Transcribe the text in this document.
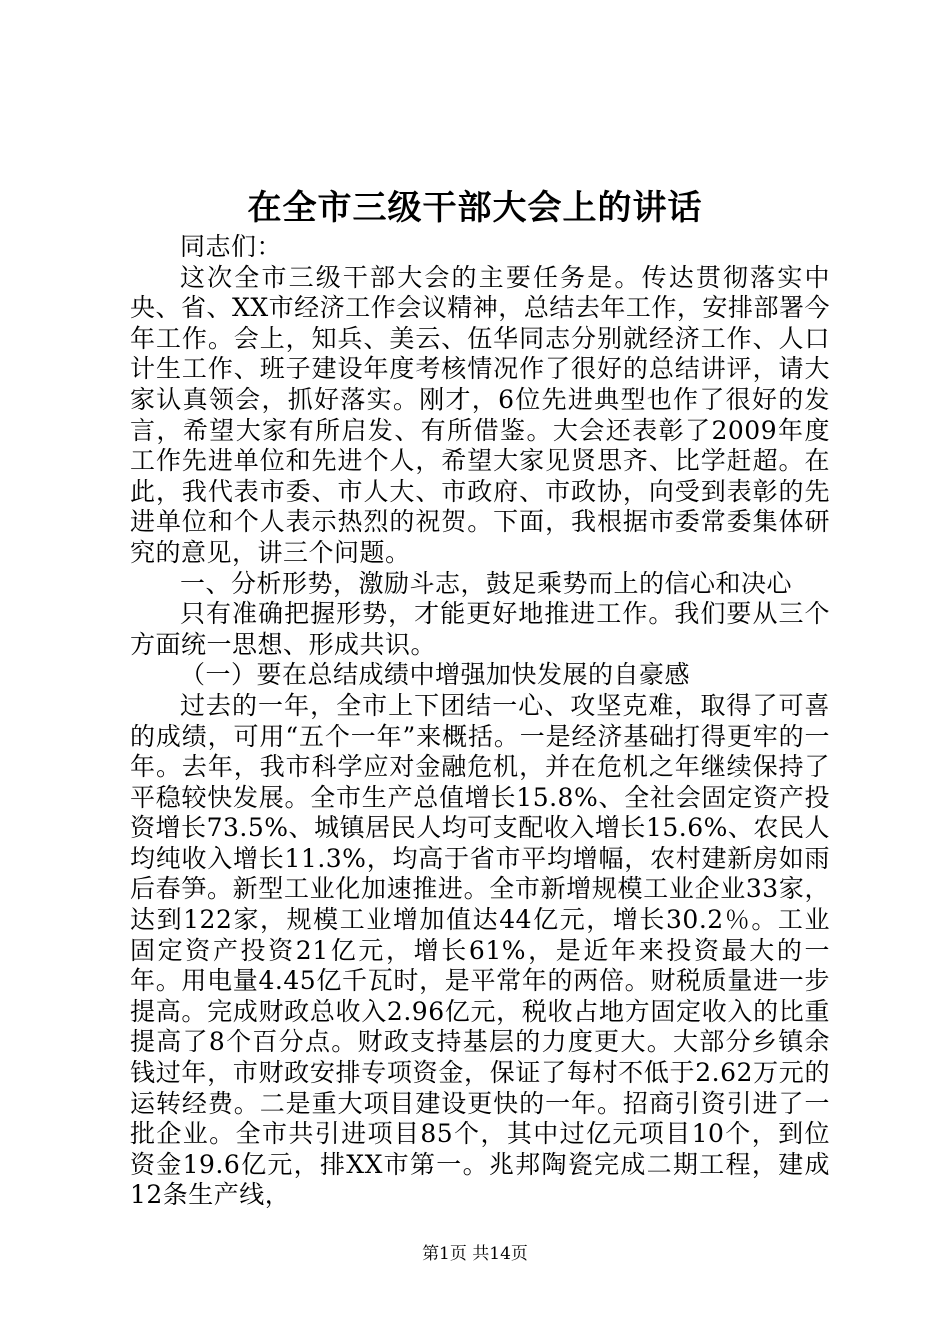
在全市三级干部大会上的讲话

同志们：

这次全市三级干部大会的主要任务是。传达贯彻落实中央、省、XX市经济工作会议精神，总结去年工作，安排部署今年工作。会上，知兵、美云、伍华同志分别就经济工作、人口计生工作、班子建设年度考核情况作了很好的总结讲评，请大家认真领会，抓好落实。刚才，6位先进典型也作了很好的发言，希望大家有所启发、有所借鉴。大会还表彰了2009年度工作先进单位和先进个人，希望大家见贤思齐、比学赶超。在此，我代表市委、市人大、市政府、市政协，向受到表彰的先进单位和个人表示热烈的祝贺。下面，我根据市委常委集体研究的意见，讲三个问题。

一、分析形势，激励斗志，鼓足乘势而上的信心和决心

只有准确把握形势，才能更好地推进工作。我们要从三个方面统一思想、形成共识。

（一）要在总结成绩中增强加快发展的自豪感

过去的一年，全市上下团结一心、攻坚克难，取得了可喜的成绩，可用“五个一年”来概括。一是经济基础打得更牢的一年。去年，我市科学应对金融危机，并在危机之年继续保持了平稳较快发展。全市生产总值增长15.8%、全社会固定资产投资增长73.5%、城镇居民人均可支配收入增长15.6%、农民人均纯收入增长11.3%，均高于省市平均增幅，农村建新房如雨后春笋。新型工业化加速推进。全市新增规模工业企业33家，达到122家，规模工业增加值达44亿元，增长30.2％。工业固定资产投资21亿元，增长61%，是近年来投资最大的一年。用电量4.45亿千瓦时，是平常年的两倍。财税质量进一步提高。完成财政总收入2.96亿元，税收占地方固定收入的比重提高了8个百分点。财政支持基层的力度更大。大部分乡镇余钱过年，市财政安排专项资金，保证了每村不低于2.62万元的运转经费。二是重大项目建设更快的一年。招商引资引进了一批企业。全市共引进项目85个，其中过亿元项目10个，到位资金19.6亿元，排XX市第一。兆邦陶瓷完成二期工程，建成12条生产线，

第1页 共14页
